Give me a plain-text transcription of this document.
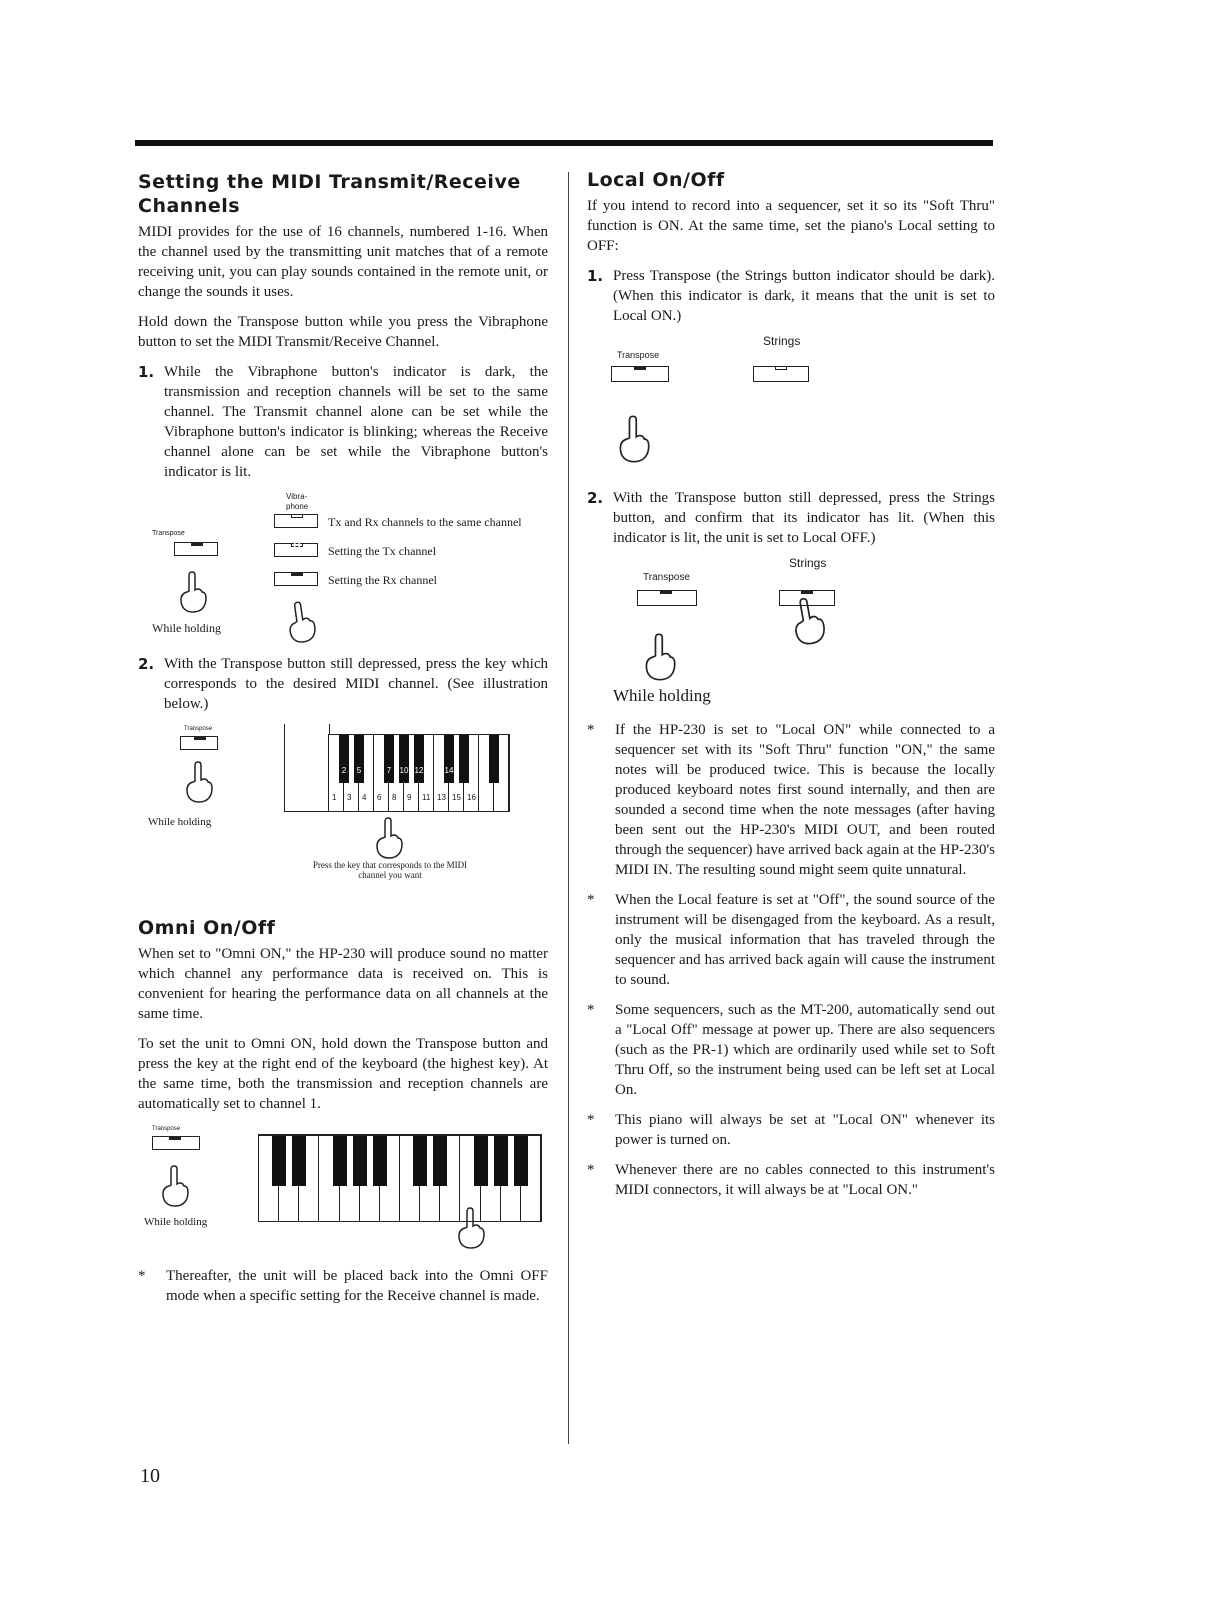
Setting the MIDI Transmit/Receive Channels

MIDI provides for the use of 16 channels, numbered 1-16. When the channel used by the transmitting unit matches that of a remote receiving unit, you can play sounds contained in the remote unit, or change the sounds it uses.

Hold down the Transpose button while you press the Vibraphone button to set the MIDI Transmit/Receive Channel.

1. While the Vibraphone button's indicator is dark, the transmission and reception channels will be set to the same channel. The Transmit channel alone can be set while the Vibraphone button's indicator is blinking; whereas the Receive channel alone can be set while the Vibraphone button's indicator is lit.
Transpose
While holding
Vibra-phone
Tx and Rx channels to the same channel
Setting the Tx channel
Setting the Rx channel
2. With the Transpose button still depressed, press the key which corresponds to the desired MIDI channel. (See illustration below.)
Transpose
While holding
1 3 4 6 8 9 11 13 15 16
2	5	7	10 12	14
Press the key that corresponds to the MIDI channel you want
Omni On/Off

When set to "Omni ON," the HP-230 will produce sound no matter which channel any performance data is received on. This is convenient for hearing the performance data on all channels at the same time.

To set the unit to Omni ON, hold down the Transpose button and press the key at the right end of the keyboard (the highest key). At the same time, both the transmission and reception channels are automatically set to channel 1.

Transpose
While holding
*	Thereafter, the unit will be placed back into the Omni OFF mode when a specific setting for the Receive channel is made.
Local On/Off

If you intend to record into a sequencer, set it so its "Soft Thru" function is ON. At the same time, set the piano's Local setting to OFF:

1. Press Transpose (the Strings button indicator should be dark). (When this indicator is dark, it means that the unit is set to Local ON.)
Transpose
Strings
2. With the Transpose button still depressed, press the Strings button, and confirm that its indicator has lit. (When this indicator is lit, the unit is set to Local OFF.)
Transpose
Strings
While holding
*	If the HP-230 is set to "Local ON" while connected to a sequencer set with its "Soft Thru" function "ON," the same notes will be produced twice. This is because the locally produced keyboard notes first sound internally, and then are sounded a second time when the note messages (after having been sent out the HP-230's MIDI OUT, and been routed through the sequencer) have arrived back again at the HP-230's MIDI IN. The resulting sound might seem quite unnatural.
*	When the Local feature is set at "Off", the sound source of the instrument will be disengaged from the keyboard. As a result, only the musical information that has traveled through the sequencer and has arrived back again will cause the instrument to sound.
*	Some sequencers, such as the MT-200, automatically send out a "Local Off" message at power up. There are also sequencers (such as the PR-1) which are ordinarily used while set to Soft Thru Off, so the instrument being used can be left set at Local On.
*	This piano will always be set at "Local ON" whenever its power is turned on.
*	Whenever there are no cables connected to this instrument's MIDI connectors, it will always be at "Local ON."
10
